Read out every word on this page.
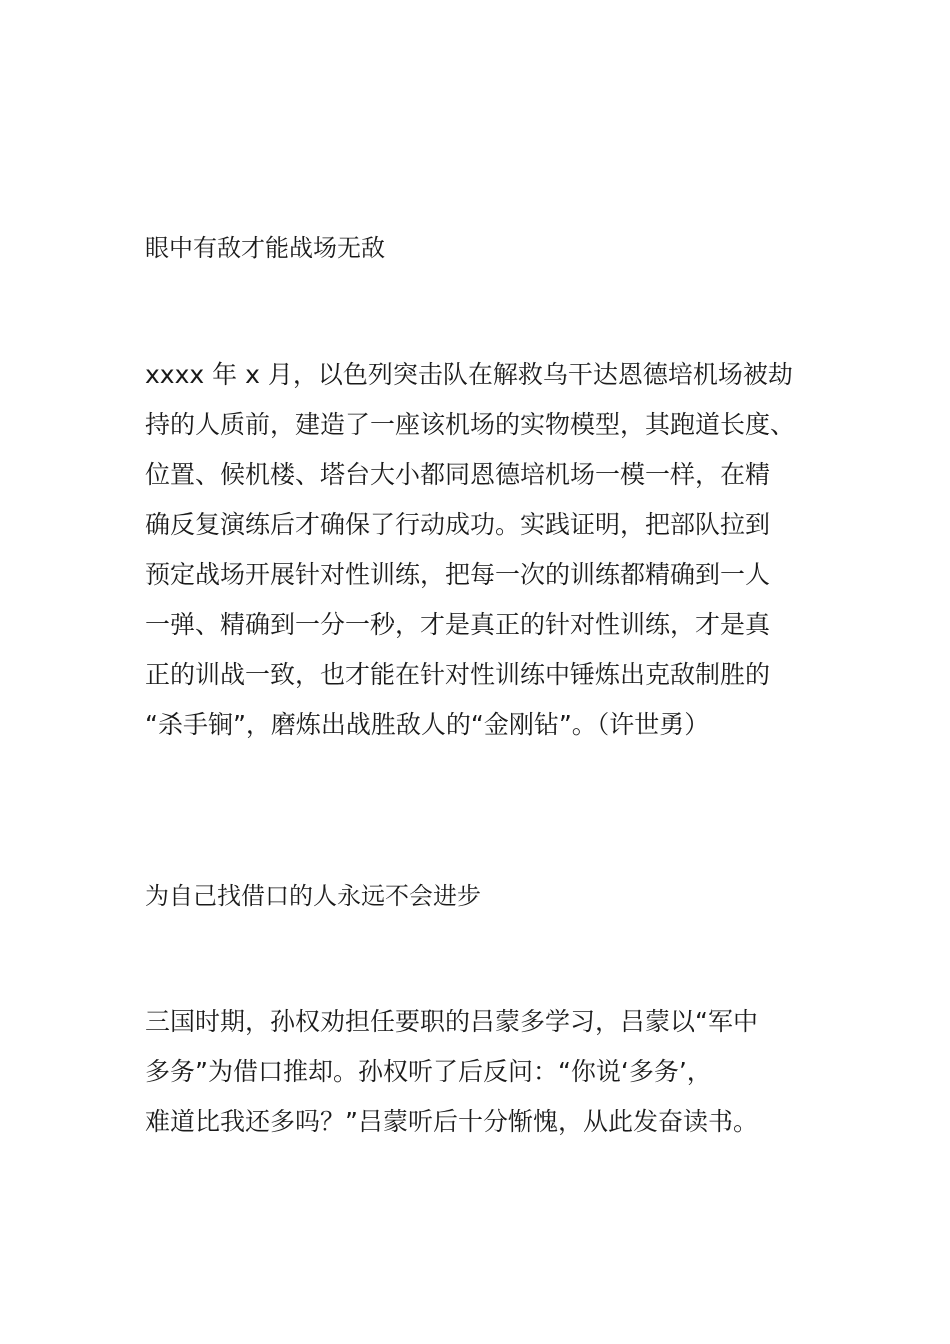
眼中有敌才能战场无敌
xxxx 年 x 月，以色列突击队在解救乌干达恩德培机场被劫
持的人质前，建造了一座该机场的实物模型，其跑道长度、
位置、候机楼、塔台大小都同恩德培机场一模一样，在精
确反复演练后才确保了行动成功。实践证明，把部队拉到
预定战场开展针对性训练，把每一次的训练都精确到一人
一弹、精确到一分一秒，才是真正的针对性训练，才是真
正的训战一致，也才能在针对性训练中锤炼出克敌制胜的
“杀手锏”，磨炼出战胜敌人的“金刚钻”。（许世勇）
为自己找借口的人永远不会进步
三国时期，孙权劝担任要职的吕蒙多学习，吕蒙以“军中
多务”为借口推却。孙权听了后反问：“你说‘多务’，
难道比我还多吗？”吕蒙听后十分惭愧，从此发奋读书。
